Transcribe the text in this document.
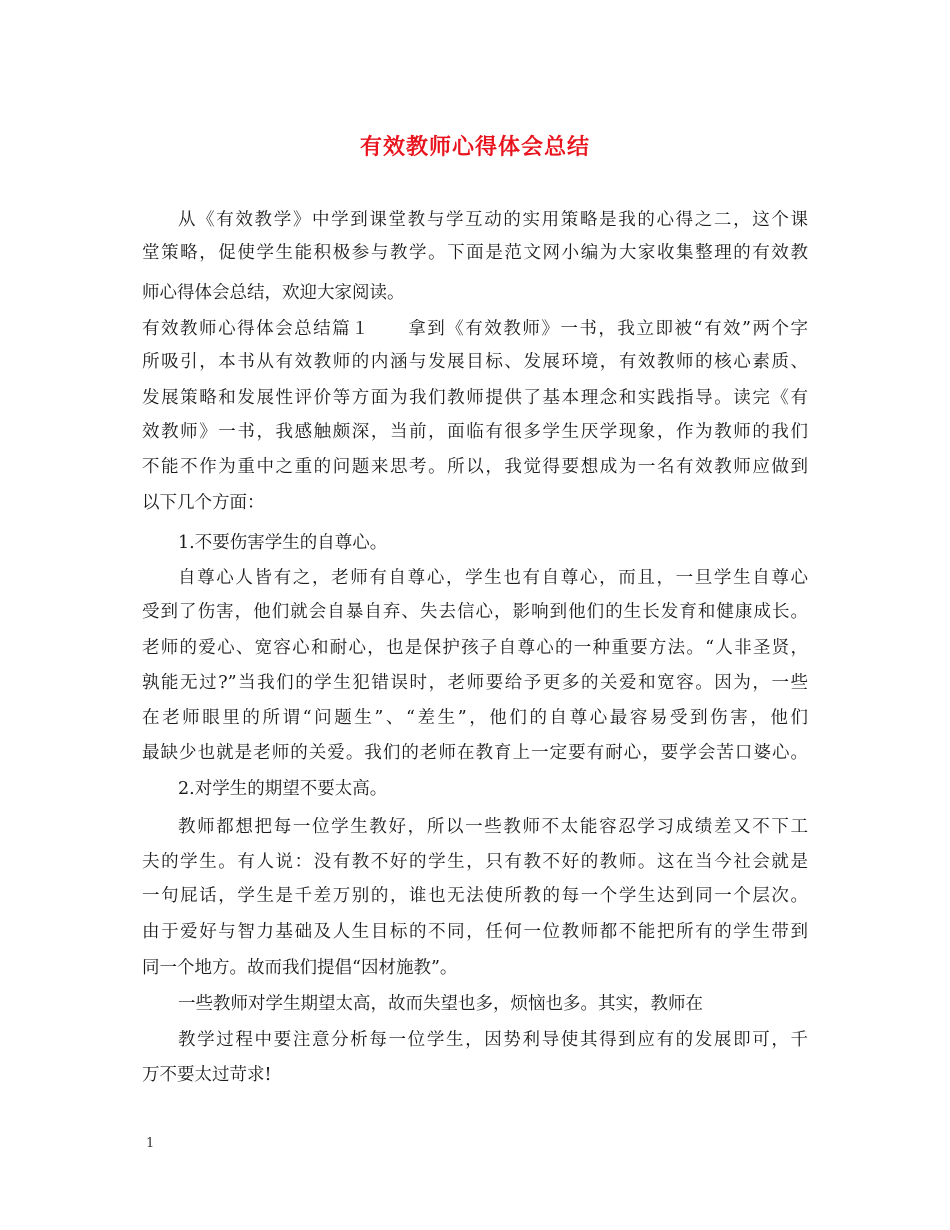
有效教师心得体会总结
从《有效教学》中学到课堂教与学互动的实用策略是我的心得之二，这个课
堂策略，促使学生能积极参与教学。下面是范文网小编为大家收集整理的有效教
师心得体会总结，欢迎大家阅读。
有效教师心得体会总结篇１　　拿到《有效教师》一书，我立即被“有效”两个字
所吸引，本书从有效教师的内涵与发展目标、发展环境，有效教师的核心素质、
发展策略和发展性评价等方面为我们教师提供了基本理念和实践指导。读完《有
效教师》一书，我感触颇深，当前，面临有很多学生厌学现象，作为教师的我们
不能不作为重中之重的问题来思考。所以，我觉得要想成为一名有效教师应做到
以下几个方面：
1.不要伤害学生的自尊心。
自尊心人皆有之，老师有自尊心，学生也有自尊心，而且，一旦学生自尊心
受到了伤害，他们就会自暴自弃、失去信心，影响到他们的生长发育和健康成长。
老师的爱心、宽容心和耐心，也是保护孩子自尊心的一种重要方法。“人非圣贤，
孰能无过?”当我们的学生犯错误时，老师要给予更多的关爱和宽容。因为，一些
在老师眼里的所谓“问题生”、“差生”，他们的自尊心最容易受到伤害，他们
最缺少也就是老师的关爱。我们的老师在教育上一定要有耐心，要学会苦口婆心。
2.对学生的期望不要太高。
教师都想把每一位学生教好，所以一些教师不太能容忍学习成绩差又不下工
夫的学生。有人说：没有教不好的学生，只有教不好的教师。这在当今社会就是
一句屁话，学生是千差万别的，谁也无法使所教的每一个学生达到同一个层次。
由于爱好与智力基础及人生目标的不同，任何一位教师都不能把所有的学生带到
同一个地方。故而我们提倡“因材施教”。
一些教师对学生期望太高，故而失望也多，烦恼也多。其实，教师在
教学过程中要注意分析每一位学生，因势利导使其得到应有的发展即可，千
万不要太过苛求!
1
